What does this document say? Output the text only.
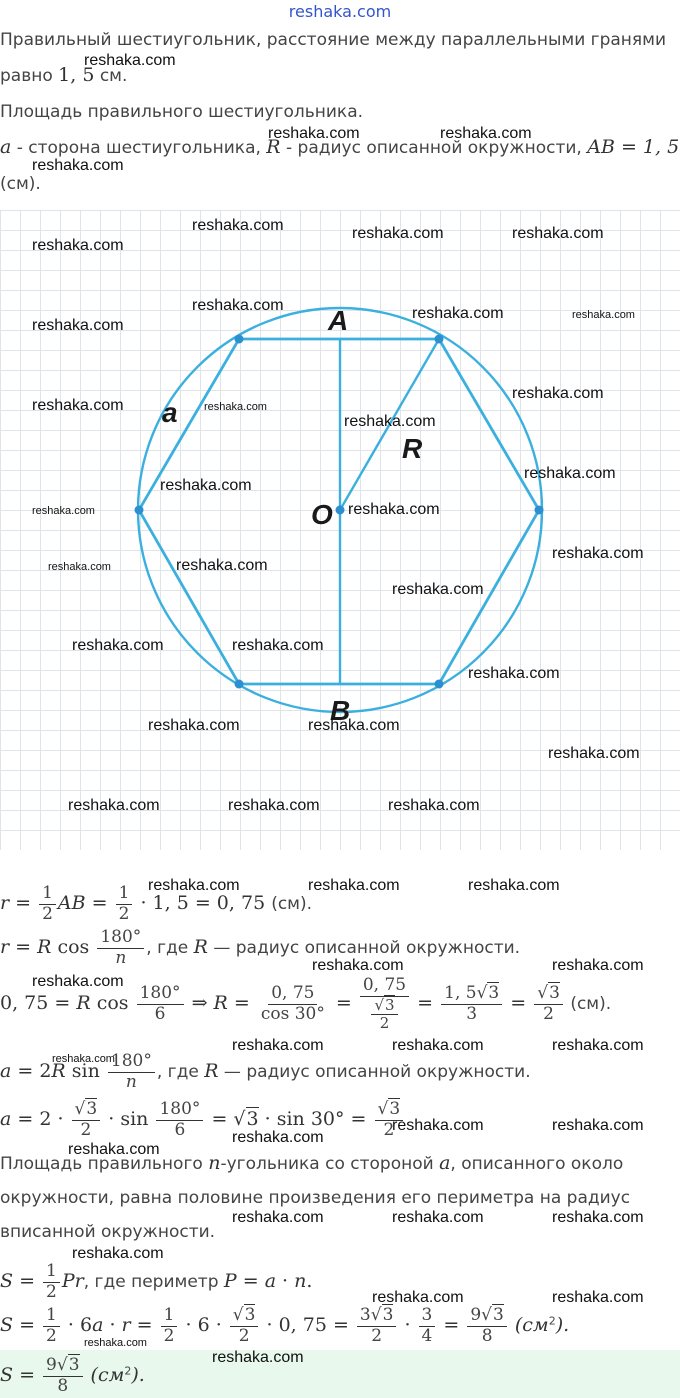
reshaka.com
Правильный шестиугольник, расстояние между параллельными гранями
равно 1, 5 см.
Площадь правильного шестиугольника.
a - сторона шестиугольника, R - радиус описанной окружности, AB = 1, 5
(см).
A
B
O
R
a
$r = \frac{1}{2}$ AB = $\frac{1}{2} \cdot 1$, 5 = 0, 75 (см).
r = R $\cos \frac{180^\circ}{n}$ , где R — радиус описанной окружности.
0, 75 = R $\cos \frac{180^\circ}{6}$ ⇒ $R = \frac{0, 75}{\cos 30^\circ} = \frac{0, 75}{\frac{√3}{2}} = \frac{1, 5√3}{3} = \frac{√3}{2} (см)$.
a = 2R $\sin \frac{180^\circ}{n}$ , где R — радиус описанной окружности.
$a = 2 \cdot \frac{√3}{2} \cdot \sin \frac{180^\circ}{6} = √3 \cdot \sin 30^\circ = \frac{√3}{2}$
Площадь правильного n-угольника со стороной a, описанного около
окружности, равна половине произведения его периметра на радиус
вписанной окружности.
$S = \frac{1}{2} Pr$, где периметр P = a · n.
$S = \frac{1}{2} \cdot 6a \cdot r = \frac{1}{2} \cdot 6 \cdot \frac{√3}{2} \cdot 0$, $75 = \frac{3√3}{2} \cdot \frac{3}{4} = \frac{9√3}{8} (см^2)$.
$S = \frac{9√3}{8} (см^2)$.
reshaka.com
reshaka.com	reshaka.com
reshaka.com
reshaka.com
reshaka.com
reshaka.com	reshaka.com
reshaka.com	reshaka.com	reshaka.com
reshaka.com
reshaka.com
reshaka.com	reshaka.com
reshaka.com
reshaka.com
reshaka.com
reshaka.com
reshaka.com
reshaka.com
reshaka.com	reshaka.com
reshaka.com
reshaka.com	reshaka.com
reshaka.com
reshaka.com	reshaka.com
reshaka.com
reshaka.com	reshaka.com	reshaka.com
reshaka.com	reshaka.com	reshaka.com
reshaka.com	reshaka.com
reshaka.com
reshaka.com	reshaka.com	reshaka.com
reshaka.com
reshaka.com	reshaka.com
reshaka.com
reshaka.com
reshaka.com	reshaka.com	reshaka.com
reshaka.com
reshaka.com	reshaka.com
reshaka.com
reshaka.com
